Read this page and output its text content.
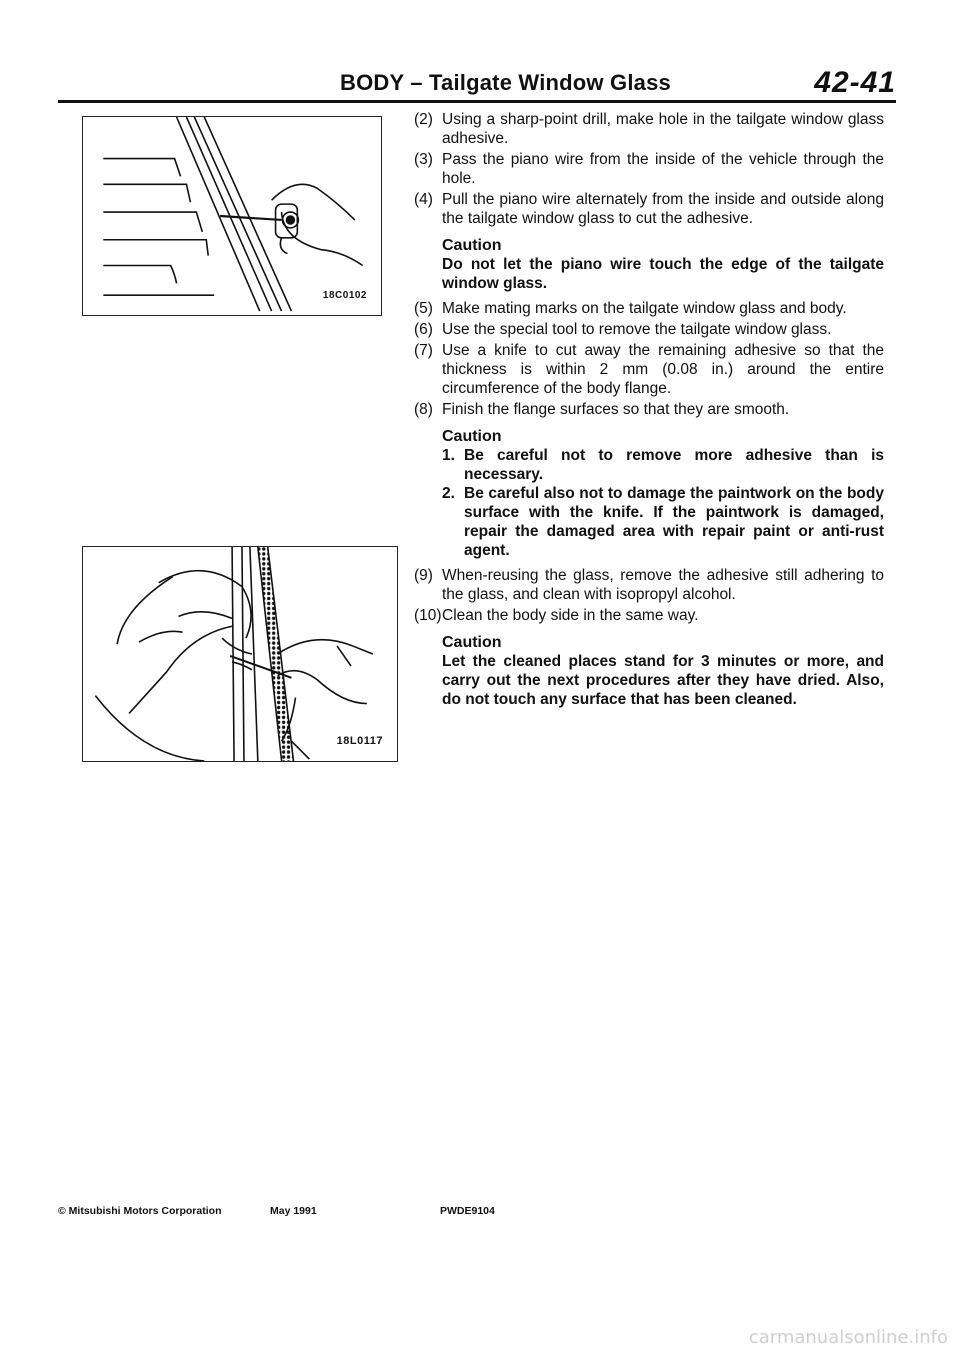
BODY – Tailgate Window Glass	42-41
18C0102
18L0117
(2) Using a sharp-point drill, make hole in the tailgate window glass adhesive.
(3) Pass the piano wire from the inside of the vehicle through the hole.
(4) Pull the piano wire alternately from the inside and outside along the tailgate window glass to cut the adhesive.
Caution
Do not let the piano wire touch the edge of the tailgate window glass.
(5) Make mating marks on the tailgate window glass and body.
(6) Use the special tool to remove the tailgate window glass.
(7) Use a knife to cut away the remaining adhesive so that the thickness is within 2 mm (0.08 in.) around the entire circumference of the body flange.
(8) Finish the flange surfaces so that they are smooth.
Caution
1. Be careful not to remove more adhesive than is necessary.
2. Be careful also not to damage the paintwork on the body surface with the knife. If the paintwork is damaged, repair the damaged area with repair paint or anti-rust agent.
(9) When-reusing the glass, remove the adhesive still adhering to the glass, and clean with isopropyl alcohol.
(10) Clean the body side in the same way.
Caution
Let the cleaned places stand for 3 minutes or more, and carry out the next procedures after they have dried. Also, do not touch any surface that has been cleaned.
© Mitsubishi Motors Corporation	May 1991	PWDE9104
carmanualsonline.info
